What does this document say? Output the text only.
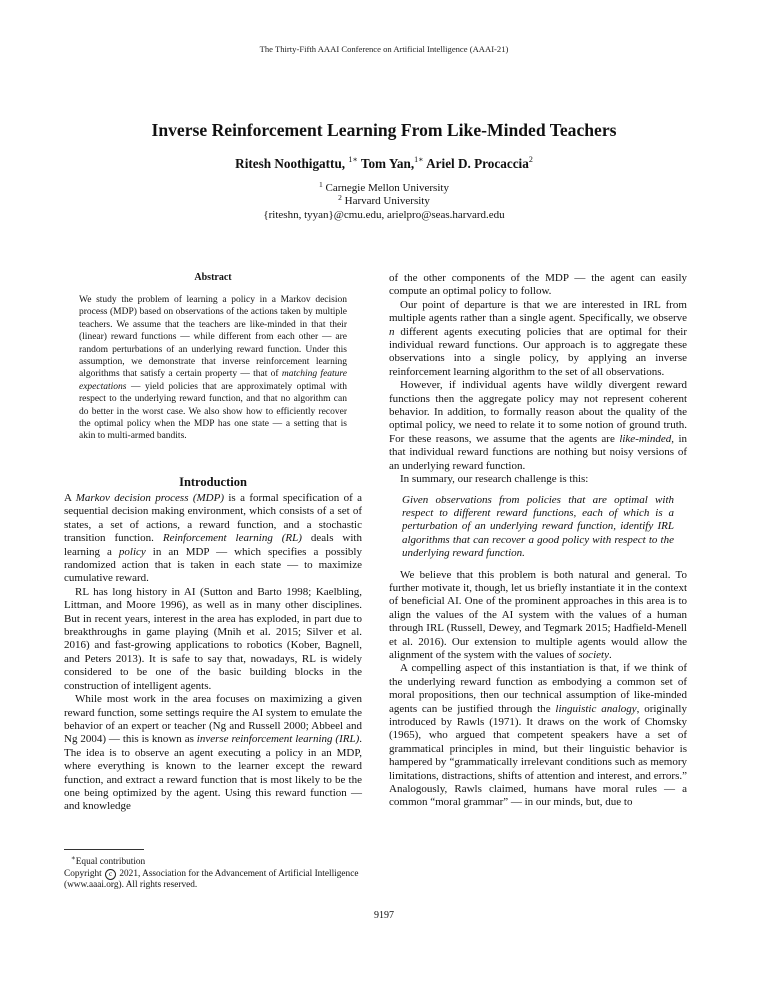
The Thirty-Fifth AAAI Conference on Artificial Intelligence (AAAI-21)
Inverse Reinforcement Learning From Like-Minded Teachers
Ritesh Noothigattu, $^{1∗}$ Tom Yan,$^{1∗}$ Ariel D. Procaccia$^2$
$^1$ Carnegie Mellon University
$^2$ Harvard University
{riteshn, tyyan}@cmu.edu, arielpro@seas.harvard.edu
Abstract
We study the problem of learning a policy in a Markov decision process (MDP) based on observations of the actions taken by multiple teachers. We assume that the teachers are like-minded in that their (linear) reward functions — while different from each other — are random perturbations of an underlying reward function. Under this assumption, we demonstrate that inverse reinforcement learning algorithms that satisfy a certain property — that of matching feature expectations — yield policies that are approximately optimal with respect to the underlying reward function, and that no algorithm can do better in the worst case. We also show how to efficiently recover the optimal policy when the MDP has one state — a setting that is akin to multi-armed bandits.
Introduction

A Markov decision process (MDP) is a formal specification of a sequential decision making environment, which consists of a set of states, a set of actions, a reward function, and a stochastic transition function. Reinforcement learning (RL) deals with learning a policy in an MDP — which specifies a possibly randomized action that is taken in each state — to maximize cumulative reward.

RL has long history in AI (Sutton and Barto 1998; Kaelbling, Littman, and Moore 1996), as well as in many other disciplines. But in recent years, interest in the area has exploded, in part due to breakthroughs in game playing (Mnih et al. 2015; Silver et al. 2016) and fast-growing applications to robotics (Kober, Bagnell, and Peters 2013). It is safe to say that, nowadays, RL is widely considered to be one of the basic building blocks in the construction of intelligent agents.

While most work in the area focuses on maximizing a given reward function, some settings require the AI system to emulate the behavior of an expert or teacher (Ng and Russell 2000; Abbeel and Ng 2004) — this is known as inverse reinforcement learning (IRL). The idea is to observe an agent executing a policy in an MDP, where everything is known to the learner except the reward function, and extract a reward function that is most likely to be the one being optimized by the agent. Using this reward function — and knowledge

∗Equal contribution
Copyright c 2021, Association for the Advancement of Artificial Intelligence (www.aaai.org). All rights reserved.

of the other components of the MDP — the agent can easily compute an optimal policy to follow.

Our point of departure is that we are interested in IRL from multiple agents rather than a single agent. Specifically, we observe n different agents executing policies that are optimal for their individual reward functions. Our approach is to aggregate these observations into a single policy, by applying an inverse reinforcement learning algorithm to the set of all observations.

However, if individual agents have wildly divergent reward functions then the aggregate policy may not represent coherent behavior. In addition, to formally reason about the quality of the optimal policy, we need to relate it to some notion of ground truth. For these reasons, we assume that the agents are like-minded, in that individual reward functions are nothing but noisy versions of an underlying reward function.

In summary, our research challenge is this:

Given observations from policies that are optimal with respect to different reward functions, each of which is a perturbation of an underlying reward function, identify IRL algorithms that can recover a good policy with respect to the underlying reward function.

We believe that this problem is both natural and general. To further motivate it, though, let us briefly instantiate it in the context of beneficial AI. One of the prominent approaches in this area is to align the values of the AI system with the values of a human through IRL (Russell, Dewey, and Tegmark 2015; Hadfield-Menell et al. 2016). Our extension to multiple agents would allow the alignment of the system with the values of society.

A compelling aspect of this instantiation is that, if we think of the underlying reward function as embodying a common set of moral propositions, then our technical assumption of like-minded agents can be justified through the linguistic analogy, originally introduced by Rawls (1971). It draws on the work of Chomsky (1965), who argued that competent speakers have a set of grammatical principles in mind, but their linguistic behavior is hampered by “grammatically irrelevant conditions such as memory limitations, distractions, shifts of attention and interest, and errors.” Analogously, Rawls claimed, humans have moral rules — a common “moral grammar” — in our minds, but, due to

9197
